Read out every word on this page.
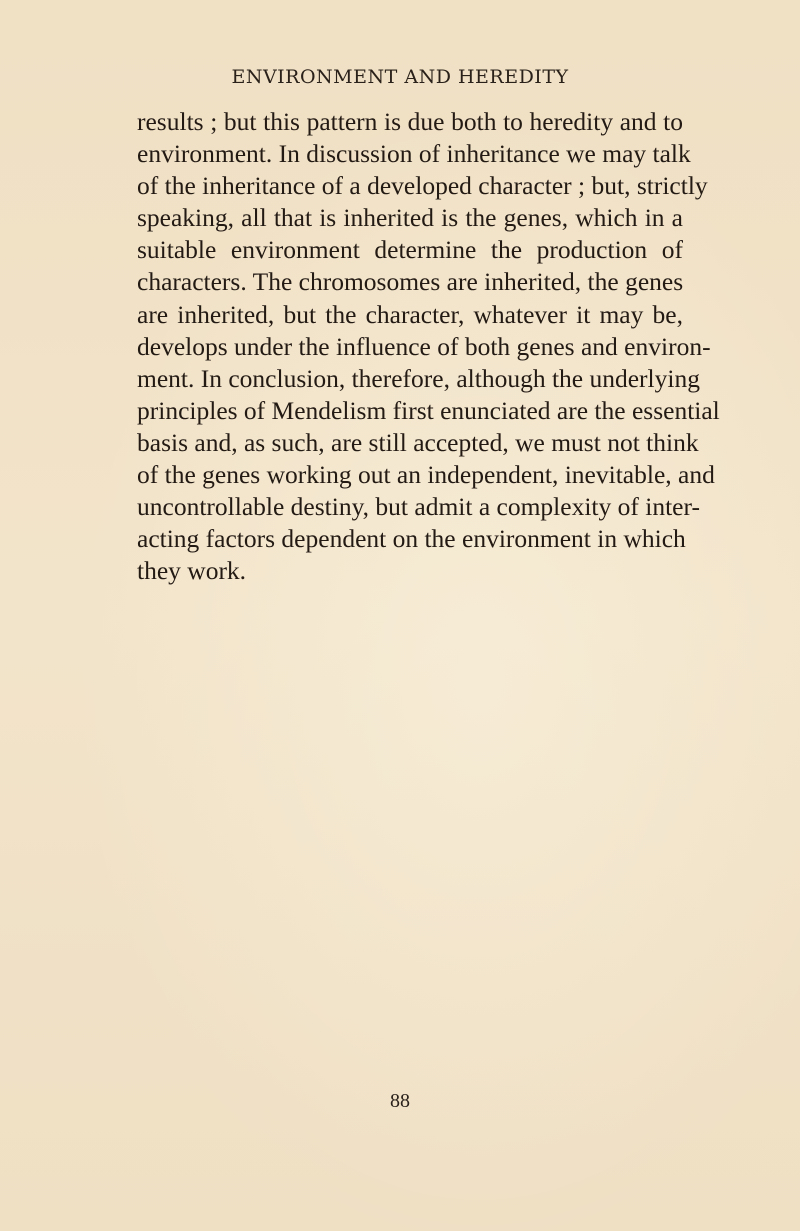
ENVIRONMENT AND HEREDITY
results ; but this pattern is due both to heredity and to
environment. In discussion of inheritance we may talk
of the inheritance of a developed character ; but, strictly
speaking, all that is inherited is the genes, which in a
suitable environment determine the production of
characters. The chromosomes are inherited, the genes
are inherited, but the character, whatever it may be,
develops under the influence of both genes and environ-
ment. In conclusion, therefore, although the underlying
principles of Mendelism first enunciated are the essential
basis and, as such, are still accepted, we must not think
of the genes working out an independent, inevitable, and
uncontrollable destiny, but admit a complexity of inter-
acting factors dependent on the environment in which
they work.
88
